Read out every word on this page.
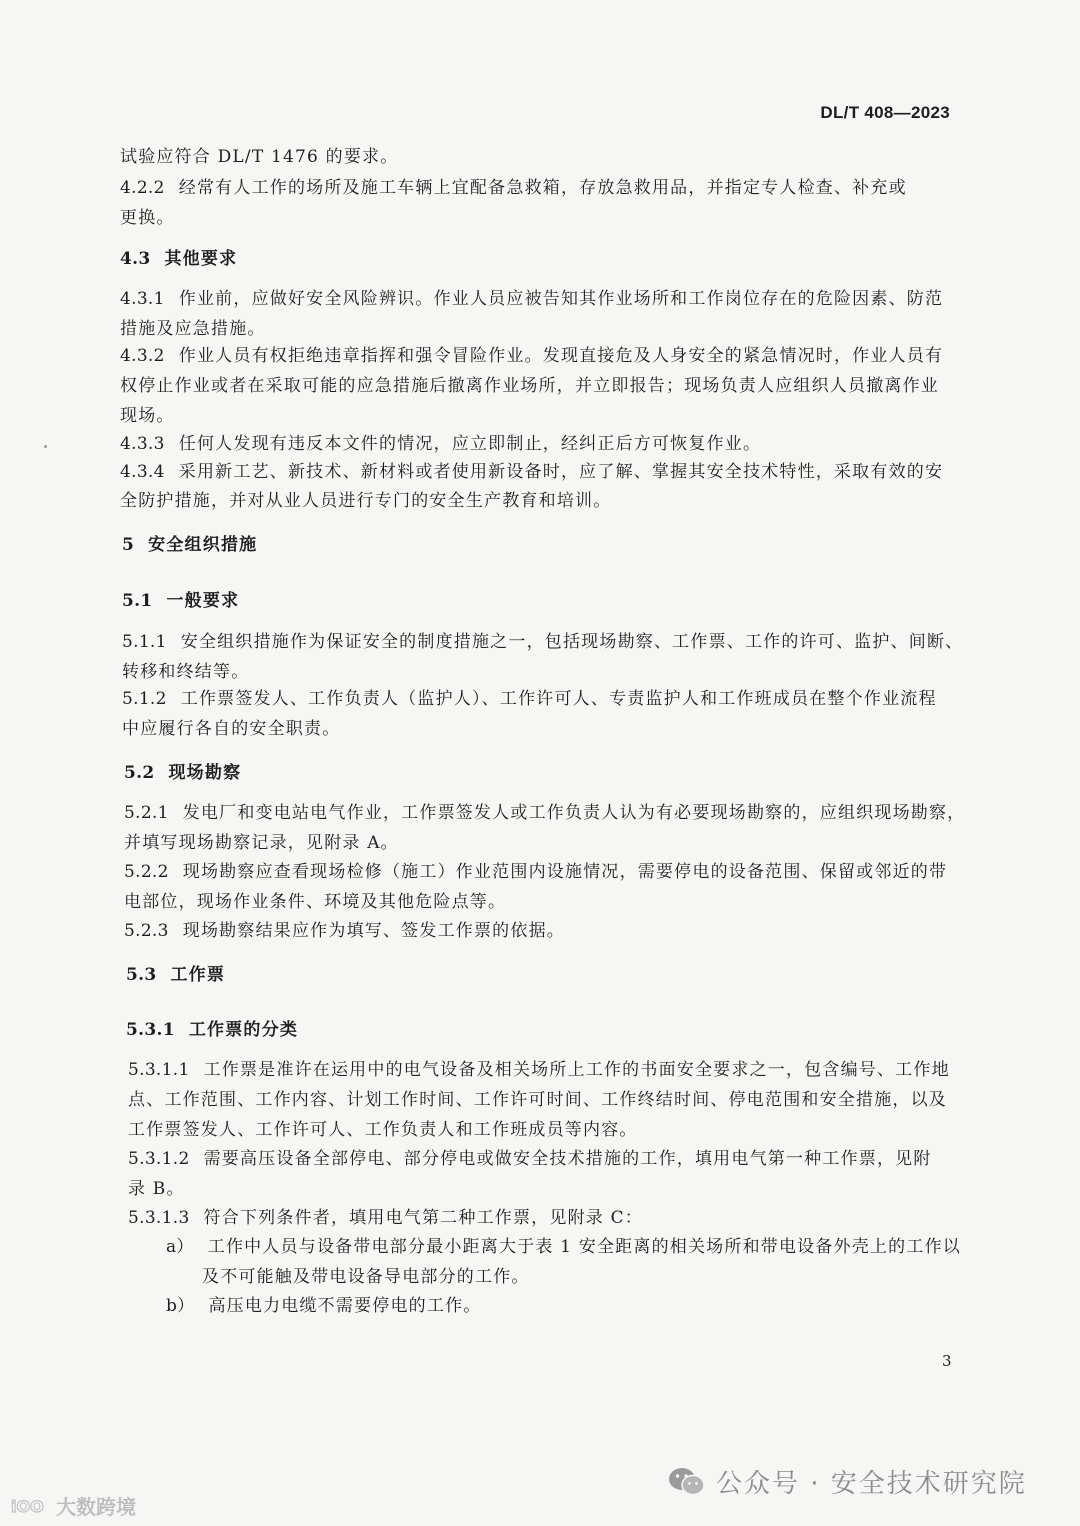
DL/T 408—2023
试验应符合 DL/T 1476 的要求。
4.2.2 经常有人工作的场所及施工车辆上宜配备急救箱，存放急救用品，并指定专人检查、补充或
更换。
4.3 其他要求
4.3.1 作业前，应做好安全风险辨识。作业人员应被告知其作业场所和工作岗位存在的危险因素、防范
措施及应急措施。
4.3.2 作业人员有权拒绝违章指挥和强令冒险作业。发现直接危及人身安全的紧急情况时，作业人员有
权停止作业或者在采取可能的应急措施后撤离作业场所，并立即报告；现场负责人应组织人员撤离作业
现场。
4.3.3 任何人发现有违反本文件的情况，应立即制止，经纠正后方可恢复作业。
4.3.4 采用新工艺、新技术、新材料或者使用新设备时，应了解、掌握其安全技术特性，采取有效的安
全防护措施，并对从业人员进行专门的安全生产教育和培训。
5 安全组织措施
5.1 一般要求
5.1.1 安全组织措施作为保证安全的制度措施之一，包括现场勘察、工作票、工作的许可、监护、间断、
转移和终结等。
5.1.2 工作票签发人、工作负责人（监护人）、工作许可人、专责监护人和工作班成员在整个作业流程
中应履行各自的安全职责。
5.2 现场勘察
5.2.1 发电厂和变电站电气作业，工作票签发人或工作负责人认为有必要现场勘察的，应组织现场勘察，
并填写现场勘察记录，见附录 A。
5.2.2 现场勘察应查看现场检修（施工）作业范围内设施情况，需要停电的设备范围、保留或邻近的带
电部位，现场作业条件、环境及其他危险点等。
5.2.3 现场勘察结果应作为填写、签发工作票的依据。
5.3 工作票
5.3.1 工作票的分类
5.3.1.1 工作票是准许在运用中的电气设备及相关场所上工作的书面安全要求之一，包含编号、工作地
点、工作范围、工作内容、计划工作时间、工作许可时间、工作终结时间、停电范围和安全措施，以及
工作票签发人、工作许可人、工作负责人和工作班成员等内容。
5.3.1.2 需要高压设备全部停电、部分停电或做安全技术措施的工作，填用电气第一种工作票，见附
录 B。
5.3.1.3 符合下列条件者，填用电气第二种工作票，见附录 C：
a） 工作中人员与设备带电部分最小距离大于表 1 安全距离的相关场所和带电设备外壳上的工作以
及不可能触及带电设备导电部分的工作。
b） 高压电力电缆不需要停电的工作。
3
公众号 · 安全技术研究院
iOO 大数跨境
